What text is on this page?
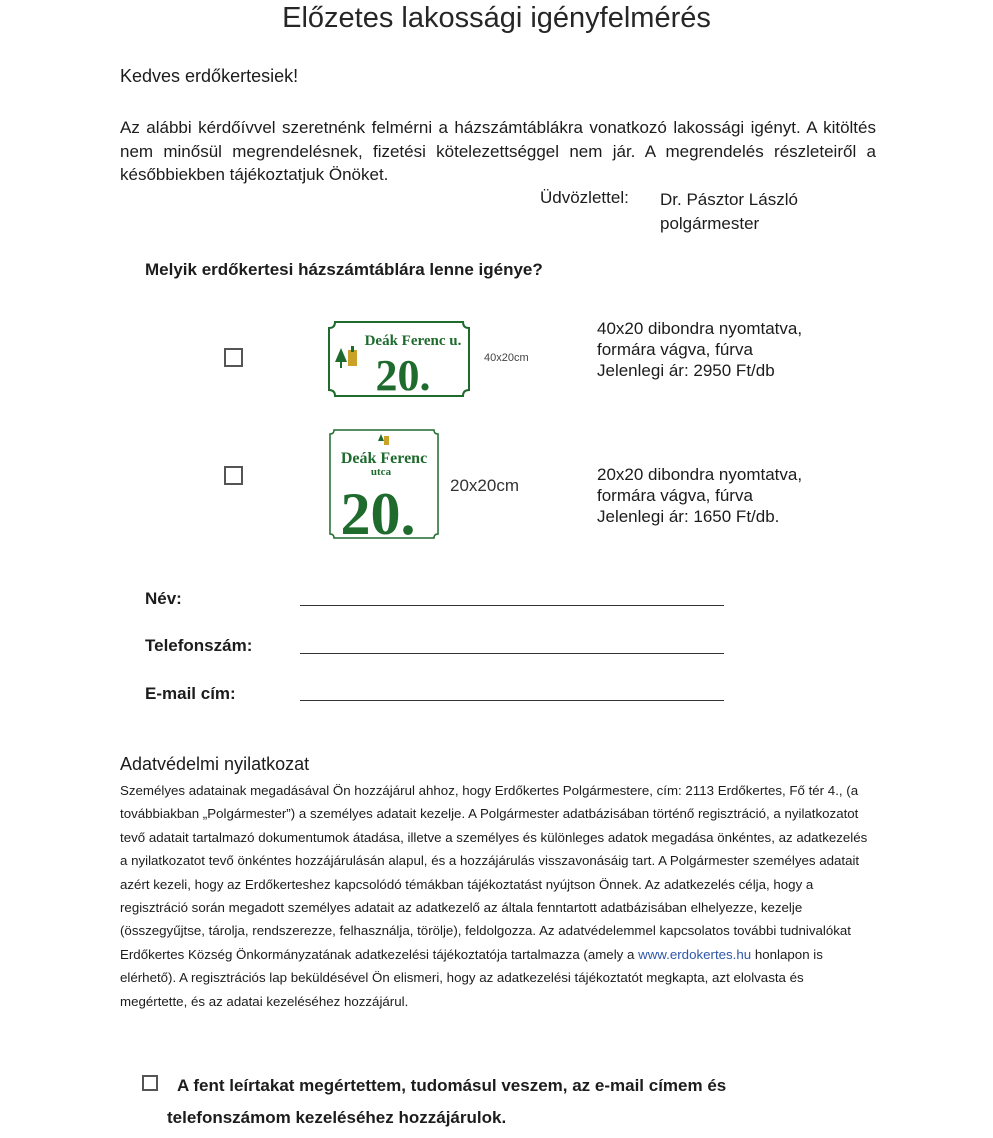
Előzetes lakossági igényfelmérés
Kedves erdőkertesiek!
Az alábbi kérdőívvel szeretnénk felmérni a házszámtáblákra vonatkozó lakossági igényt. A kitöltés nem minősül megrendelésnek, fizetési kötelezettséggel nem jár. A megrendelés részleteiről a későbbiekben tájékoztatjuk Önöket.
Üdvözlettel: Dr. Pásztor László
polgármester
Melyik erdőkertesi házszámtáblára lenne igénye?
Deák Ferenc u.
20.	40x20cm
40x20 dibondra nyomtatva,
formára vágva, fúrva
Jelenlegi ár: 2950 Ft/db
Deák Ferenc
utca
20. 20x20cm
20x20 dibondra nyomtatva,
formára vágva, fúrva
Jelenlegi ár: 1650 Ft/db.
Név:
Telefonszám:
E-mail cím:
Adatvédelmi nyilatkozat
Személyes adatainak megadásával Ön hozzájárul ahhoz, hogy Erdőkertes Polgármestere, cím: 2113 Erdőkertes, Fő tér 4., (a továbbiakban „Polgármester”) a személyes adatait kezelje. A Polgármester adatbázisában történő regisztráció, a nyilatkozatot tevő adatait tartalmazó dokumentumok átadása, illetve a személyes és különleges adatok megadása önkéntes, az adatkezelés a nyilatkozatot tevő önkéntes hozzájárulásán alapul, és a hozzájárulás visszavonásáig tart. A Polgármester személyes adatait azért kezeli, hogy az Erdőkerteshez kapcsolódó témákban tájékoztatást nyújtson Önnek. Az adatkezelés célja, hogy a regisztráció során megadott személyes adatait az adatkezelő az általa fenntartott adatbázisában elhelyezze, kezelje (összegyűjtse, tárolja, rendszerezze, felhasználja, törölje), feldolgozza. Az adatvédelemmel kapcsolatos további tudnivalókat Erdőkertes Község Önkormányzatának adatkezelési tájékoztatója tartalmazza (amely a www.erdokertes.hu honlapon is elérhető). A regisztrációs lap beküldésével Ön elismeri, hogy az adatkezelési tájékoztatót megkapta, azt elolvasta és megértette, és az adatai kezeléséhez hozzájárul.
A fent leírtakat megértettem, tudomásul veszem, az e-mail címem és
telefonszámom kezeléséhez hozzájárulok.
